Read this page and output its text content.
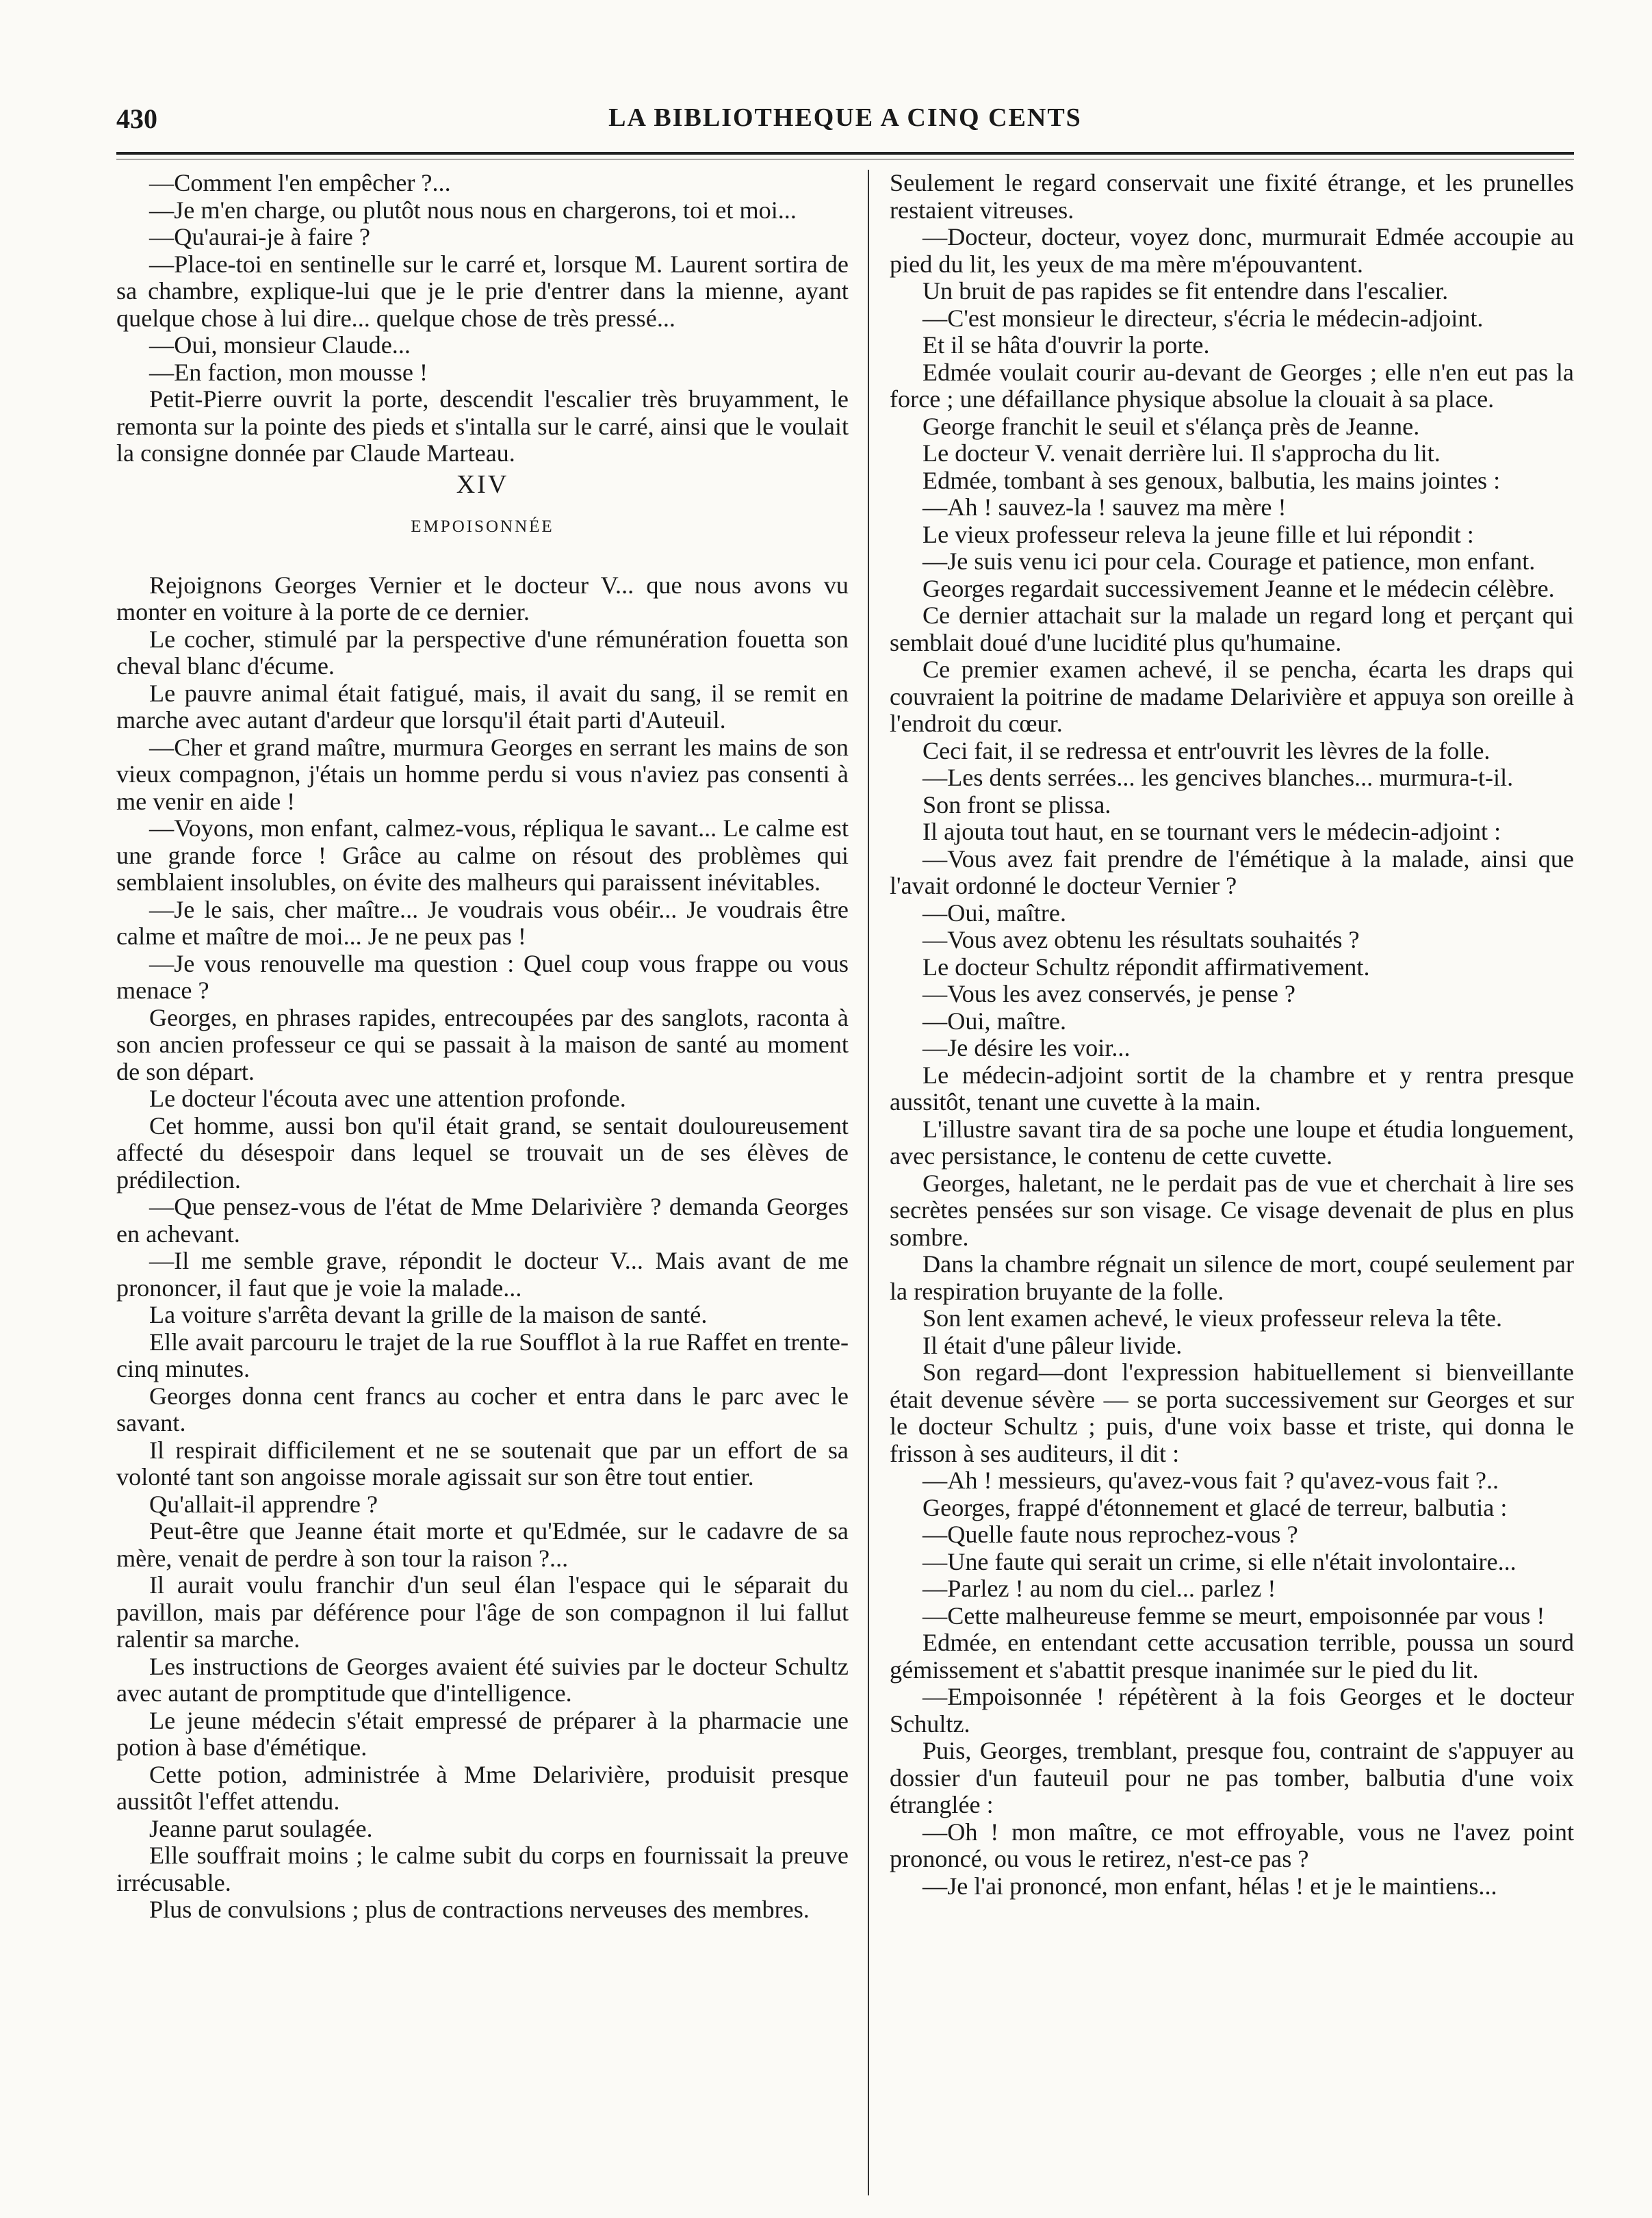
430	LA BIBLIOTHEQUE A CINQ CENTS

—Comment l'en empêcher ?...

—Je m'en charge, ou plutôt nous nous en chargerons, toi et moi...

—Qu'aurai-je à faire ?

—Place-toi en sentinelle sur le carré et, lorsque M. Laurent sortira de sa chambre, explique-lui que je le prie d'entrer dans la mienne, ayant quelque chose à lui dire... quelque chose de très pressé...

—Oui, monsieur Claude...

—En faction, mon mousse !

Petit-Pierre ouvrit la porte, descendit l'escalier très bruyamment, le remonta sur la pointe des pieds et s'intalla sur le carré, ainsi que le voulait la consigne donnée par Claude Marteau.

XIV

EMPOISONNÉE

Rejoignons Georges Vernier et le docteur V... que nous avons vu monter en voiture à la porte de ce dernier.

Le cocher, stimulé par la perspective d'une rémunération fouetta son cheval blanc d'écume.

Le pauvre animal était fatigué, mais, il avait du sang, il se remit en marche avec autant d'ardeur que lorsqu'il était parti d'Auteuil.

—Cher et grand maître, murmura Georges en serrant les mains de son vieux compagnon, j'étais un homme perdu si vous n'aviez pas consenti à me venir en aide !

—Voyons, mon enfant, calmez-vous, répliqua le savant... Le calme est une grande force ! Grâce au calme on résout des problèmes qui semblaient insolubles, on évite des malheurs qui paraissent inévitables.

—Je le sais, cher maître... Je voudrais vous obéir... Je voudrais être calme et maître de moi... Je ne peux pas !

—Je vous renouvelle ma question : Quel coup vous frappe ou vous menace ?

Georges, en phrases rapides, entrecoupées par des sanglots, raconta à son ancien professeur ce qui se passait à la maison de santé au moment de son départ.

Le docteur l'écouta avec une attention profonde.

Cet homme, aussi bon qu'il était grand, se sentait douloureusement affecté du désespoir dans lequel se trouvait un de ses élèves de prédilection.

—Que pensez-vous de l'état de Mme Delarivière ? demanda Georges en achevant.

—Il me semble grave, répondit le docteur V... Mais avant de me prononcer, il faut que je voie la malade...

La voiture s'arrêta devant la grille de la maison de santé.

Elle avait parcouru le trajet de la rue Soufflot à la rue Raffet en trente-cinq minutes.

Georges donna cent francs au cocher et entra dans le parc avec le savant.

Il respirait difficilement et ne se soutenait que par un effort de sa volonté tant son angoisse morale agissait sur son être tout entier.

Qu'allait-il apprendre ?

Peut-être que Jeanne était morte et qu'Edmée, sur le cadavre de sa mère, venait de perdre à son tour la raison ?...

Il aurait voulu franchir d'un seul élan l'espace qui le séparait du pavillon, mais par déférence pour l'âge de son compagnon il lui fallut ralentir sa marche.

Les instructions de Georges avaient été suivies par le docteur Schultz avec autant de promptitude que d'intelligence.

Le jeune médecin s'était empressé de préparer à la pharmacie une potion à base d'émétique.

Cette potion, administrée à Mme Delarivière, produisit presque aussitôt l'effet attendu.

Jeanne parut soulagée.

Elle souffrait moins ; le calme subit du corps en fournissait la preuve irrécusable.

Plus de convulsions ; plus de contractions nerveuses des membres.

Seulement le regard conservait une fixité étrange, et les prunelles restaient vitreuses.

—Docteur, docteur, voyez donc, murmurait Edmée accoupie au pied du lit, les yeux de ma mère m'épouvantent.

Un bruit de pas rapides se fit entendre dans l'escalier.

—C'est monsieur le directeur, s'écria le médecin-adjoint.

Et il se hâta d'ouvrir la porte.

Edmée voulait courir au-devant de Georges ; elle n'en eut pas la force ; une défaillance physique absolue la clouait à sa place.

George franchit le seuil et s'élança près de Jeanne.

Le docteur V. venait derrière lui. Il s'approcha du lit.

Edmée, tombant à ses genoux, balbutia, les mains jointes :

—Ah ! sauvez-la ! sauvez ma mère !

Le vieux professeur releva la jeune fille et lui répondit :

—Je suis venu ici pour cela. Courage et patience, mon enfant.

Georges regardait successivement Jeanne et le médecin célèbre.

Ce dernier attachait sur la malade un regard long et perçant qui semblait doué d'une lucidité plus qu'humaine.

Ce premier examen achevé, il se pencha, écarta les draps qui couvraient la poitrine de madame Delarivière et appuya son oreille à l'endroit du cœur.

Ceci fait, il se redressa et entr'ouvrit les lèvres de la folle.

—Les dents serrées... les gencives blanches... murmura-t-il.

Son front se plissa.

Il ajouta tout haut, en se tournant vers le médecin-adjoint :

—Vous avez fait prendre de l'émétique à la malade, ainsi que l'avait ordonné le docteur Vernier ?

—Oui, maître.

—Vous avez obtenu les résultats souhaités ?

Le docteur Schultz répondit affirmativement.

—Vous les avez conservés, je pense ?

—Oui, maître.

—Je désire les voir...

Le médecin-adjoint sortit de la chambre et y rentra presque aussitôt, tenant une cuvette à la main.

L'illustre savant tira de sa poche une loupe et étudia longuement, avec persistance, le contenu de cette cuvette.

Georges, haletant, ne le perdait pas de vue et cherchait à lire ses secrètes pensées sur son visage. Ce visage devenait de plus en plus sombre.

Dans la chambre régnait un silence de mort, coupé seulement par la respiration bruyante de la folle.

Son lent examen achevé, le vieux professeur releva la tête.

Il était d'une pâleur livide.

Son regard—dont l'expression habituellement si bienveillante était devenue sévère — se porta successivement sur Georges et sur le docteur Schultz ; puis, d'une voix basse et triste, qui donna le frisson à ses auditeurs, il dit :

—Ah ! messieurs, qu'avez-vous fait ? qu'avez-vous fait ?..

Georges, frappé d'étonnement et glacé de terreur, balbutia :

—Quelle faute nous reprochez-vous ?

—Une faute qui serait un crime, si elle n'était involontaire...

—Parlez ! au nom du ciel... parlez !

—Cette malheureuse femme se meurt, empoisonnée par vous !

Edmée, en entendant cette accusation terrible, poussa un sourd gémissement et s'abattit presque inanimée sur le pied du lit.

—Empoisonnée ! répétèrent à la fois Georges et le docteur Schultz.

Puis, Georges, tremblant, presque fou, contraint de s'appuyer au dossier d'un fauteuil pour ne pas tomber, balbutia d'une voix étranglée :

—Oh ! mon maître, ce mot effroyable, vous ne l'avez point prononcé, ou vous le retirez, n'est-ce pas ?

—Je l'ai prononcé, mon enfant, hélas ! et je le maintiens...
